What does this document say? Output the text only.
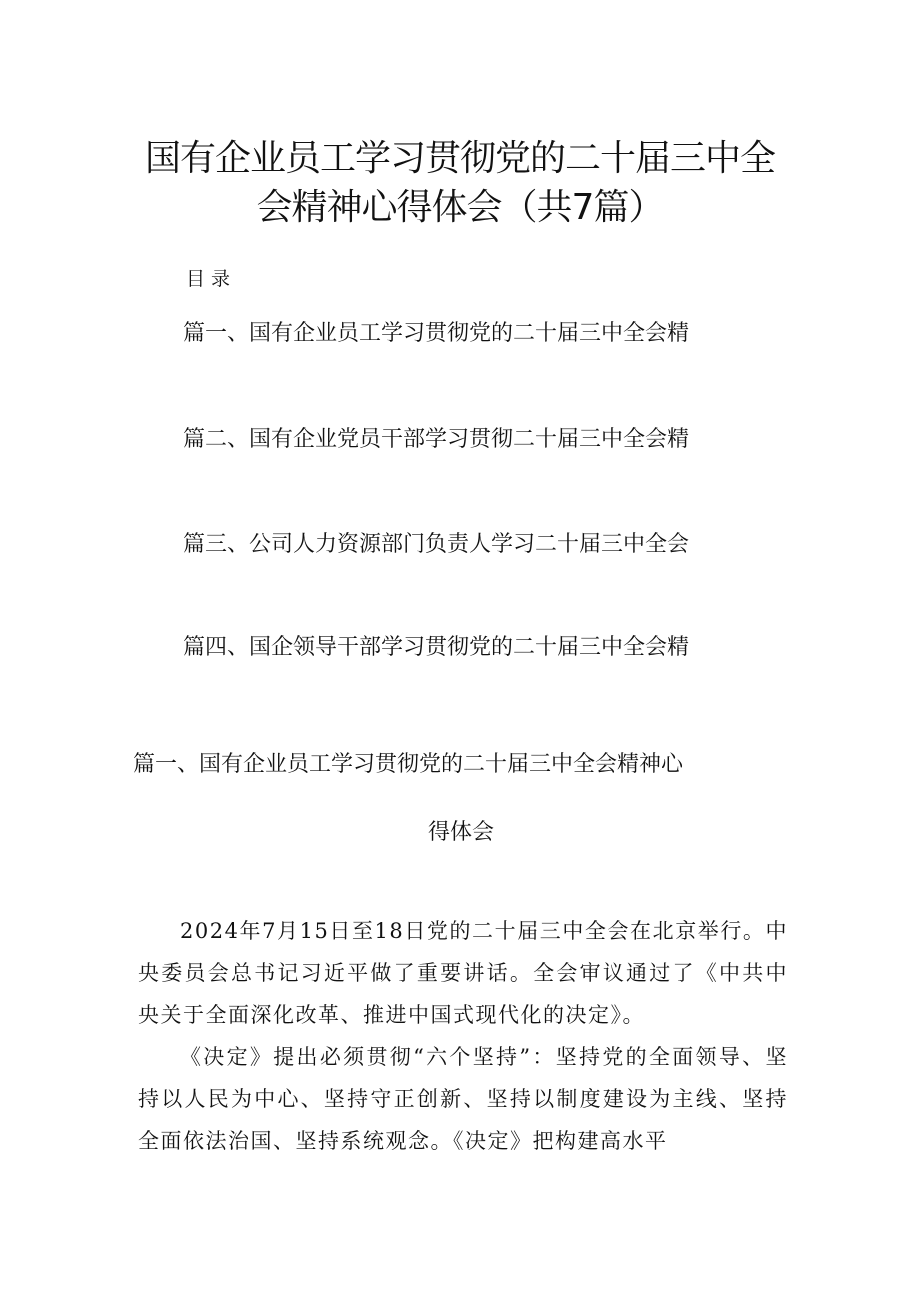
国有企业员工学习贯彻党的二十届三中全
会精神心得体会（共7篇）
目录
篇一、国有企业员工学习贯彻党的二十届三中全会精
篇二、国有企业党员干部学习贯彻二十届三中全会精
篇三、公司人力资源部门负责人学习二十届三中全会
篇四、国企领导干部学习贯彻党的二十届三中全会精
篇一、国有企业员工学习贯彻党的二十届三中全会精神心
得体会

2024年7月15日至18日党的二十届三中全会在北京举行。中央委员会总书记习近平做了重要讲话。全会审议通过了《中共中央关于全面深化改革、推进中国式现代化的决定》。

《决定》提出必须贯彻“六个坚持”：坚持党的全面领导、坚持以人民为中心、坚持守正创新、坚持以制度建设为主线、坚持全面依法治国、坚持系统观念。《决定》把构建高水平
